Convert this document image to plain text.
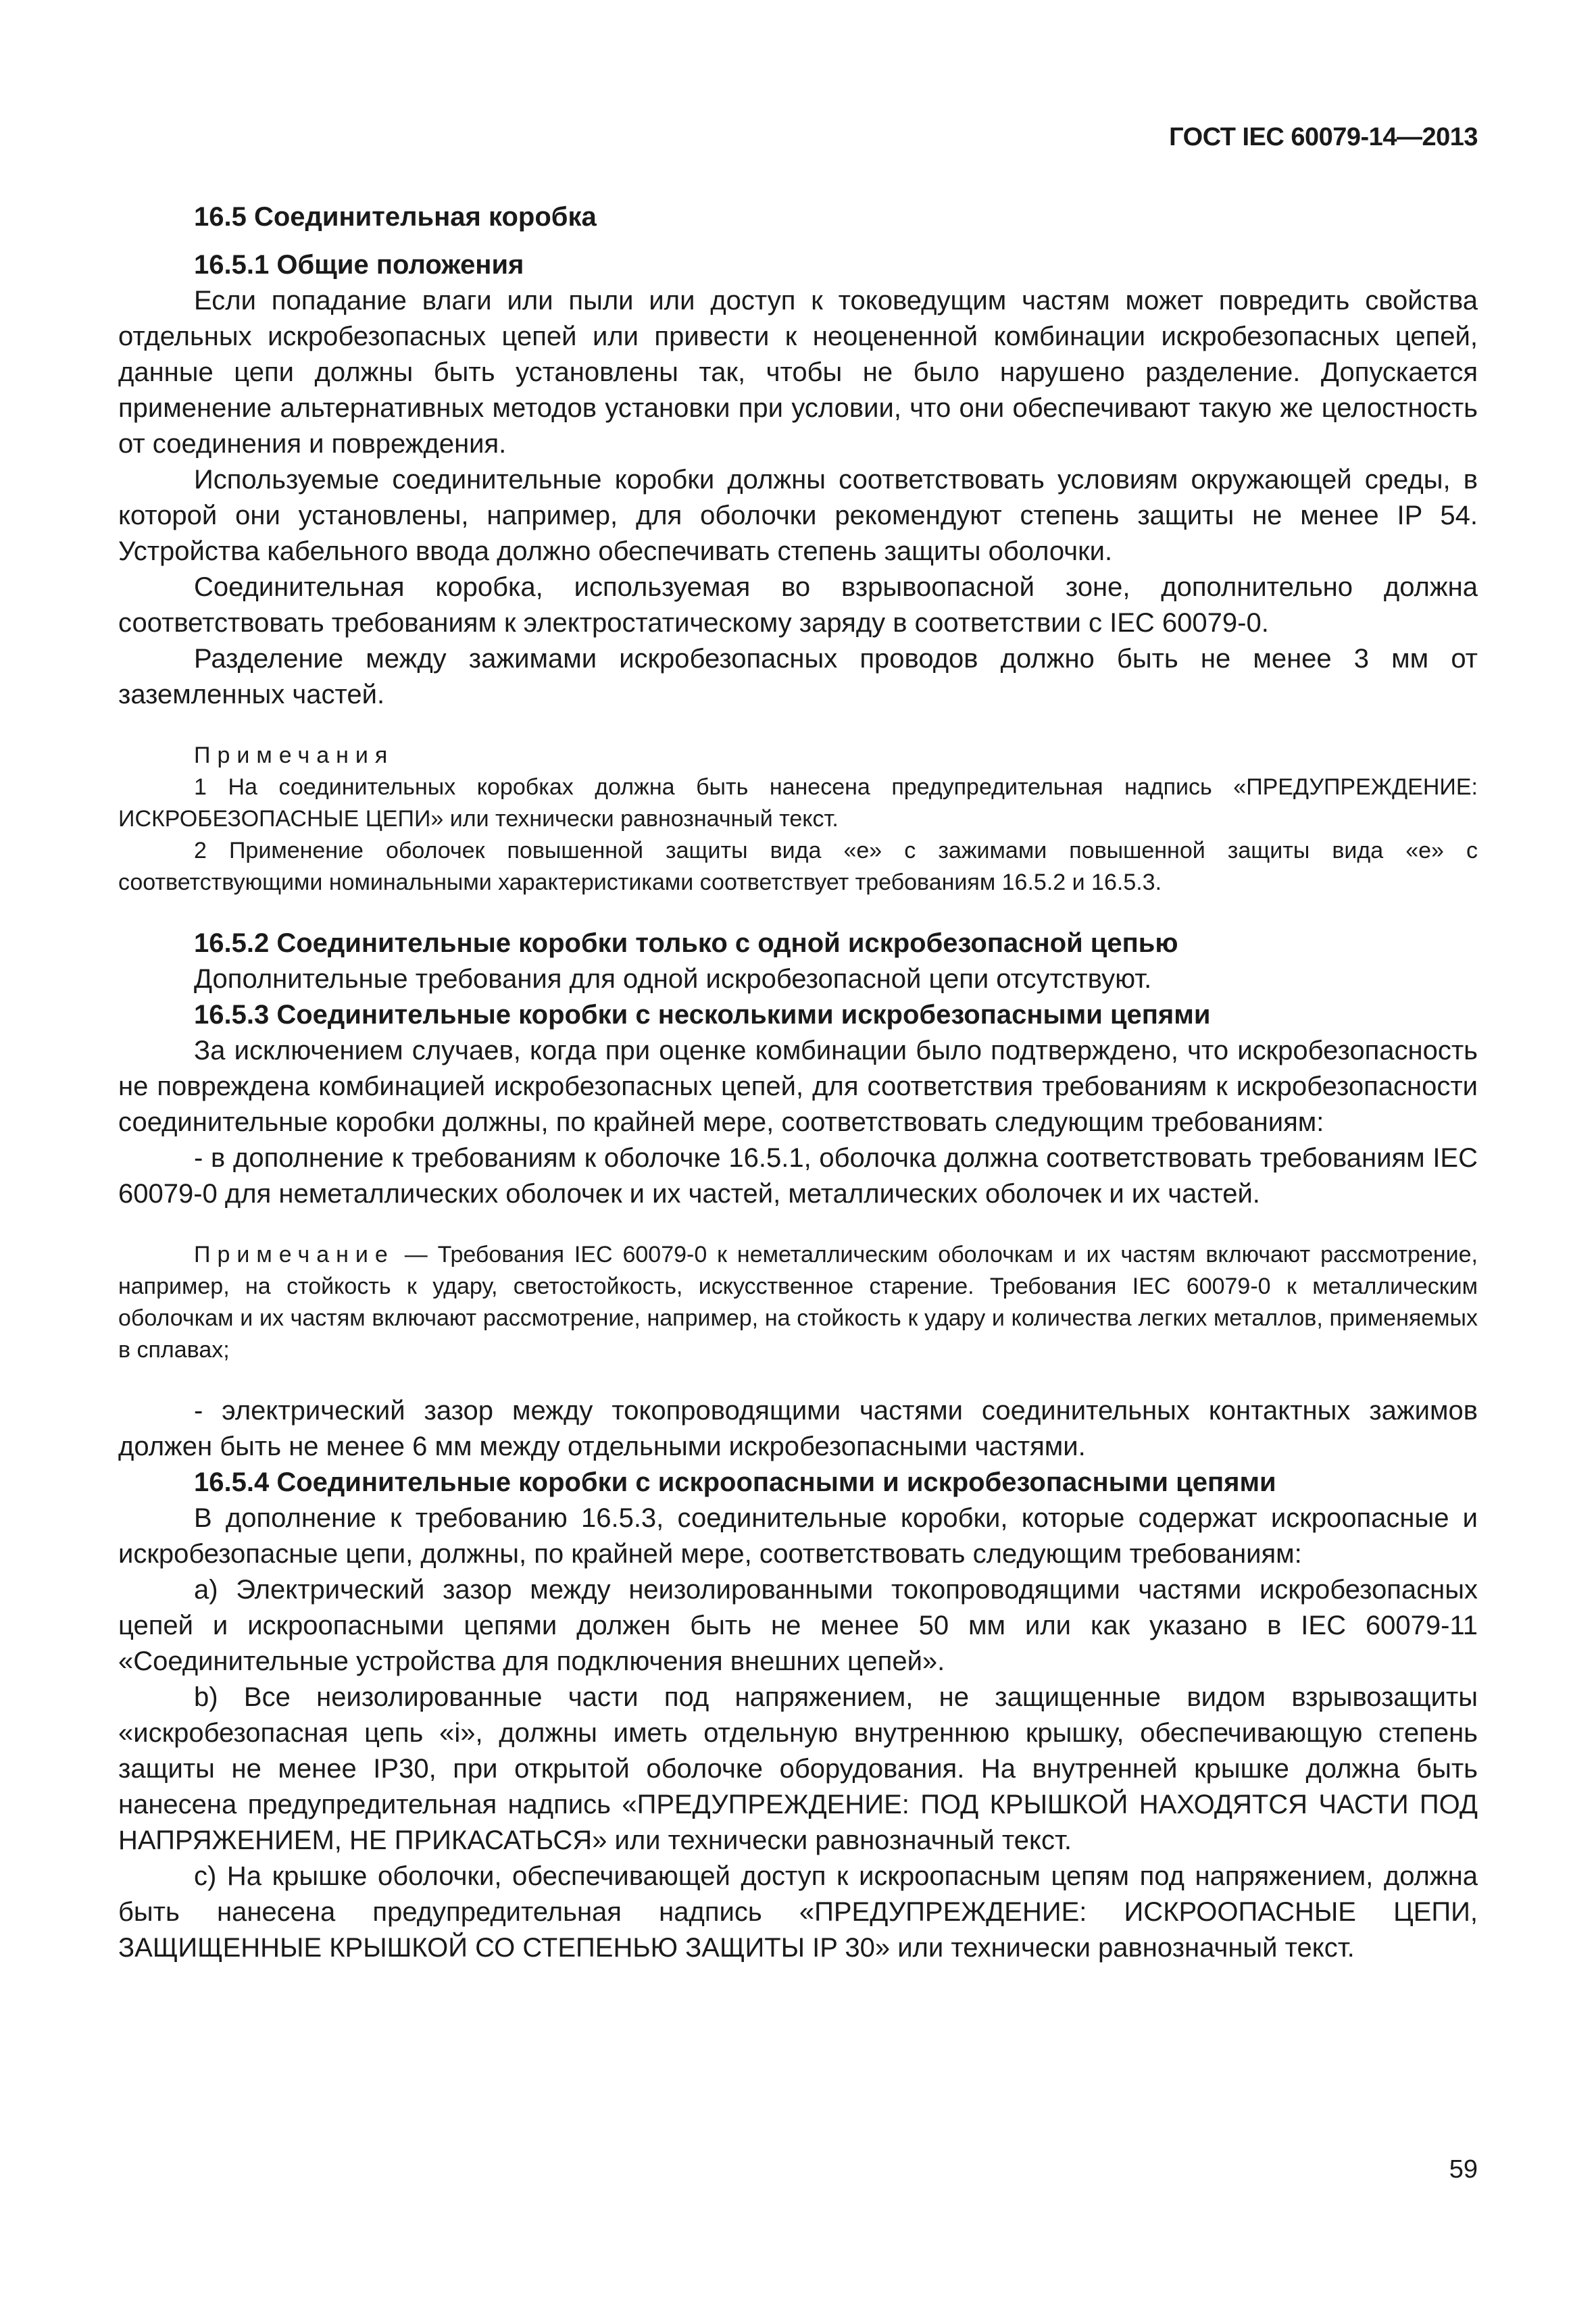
ГОСТ IEC 60079-14—2013

16.5 Соединительная коробка

16.5.1 Общие положения

Если попадание влаги или пыли или доступ к токоведущим частям может повредить свойства отдельных искробезопасных цепей или привести к неоцененной комбинации искробезопасных цепей, данные цепи должны быть установлены так, чтобы не было нарушено разделение. Допускается применение альтернативных методов установки при условии, что они обеспечивают такую же целостность от соединения и повреждения.

Используемые соединительные коробки должны соответствовать условиям окружающей среды, в которой они установлены, например, для оболочки рекомендуют степень защиты не менее IP 54. Устройства кабельного ввода должно обеспечивать степень защиты оболочки.

Соединительная коробка, используемая во взрывоопасной зоне, дополнительно должна соответствовать требованиям к электростатическому заряду в соответствии с IEC 60079-0.

Разделение между зажимами искробезопасных проводов должно быть не менее 3 мм от заземленных частей.

Примечания

1 На соединительных коробках должна быть нанесена предупредительная надпись «ПРЕДУПРЕЖДЕНИЕ: ИСКРОБЕЗОПАСНЫЕ ЦЕПИ» или технически равнозначный текст.

2 Применение оболочек повышенной защиты вида «е» с зажимами повышенной защиты вида «е» с соответствующими номинальными характеристиками соответствует требованиям 16.5.2 и 16.5.3.

16.5.2 Соединительные коробки только с одной искробезопасной цепью

Дополнительные требования для одной искробезопасной цепи отсутствуют.

16.5.3 Соединительные коробки с несколькими искробезопасными цепями

За исключением случаев, когда при оценке комбинации было подтверждено, что искробезопасность не повреждена комбинацией искробезопасных цепей, для соответствия требованиям к искробезопасности соединительные коробки должны, по крайней мере, соответствовать следующим требованиям:

- в дополнение к требованиям к оболочке 16.5.1, оболочка должна соответствовать требованиям IEC 60079-0 для неметаллических оболочек и их частей, металлических оболочек и их частей.

Примечание — Требования IEC 60079-0 к неметаллическим оболочкам и их частям включают рассмотрение, например, на стойкость к удару, светостойкость, искусственное старение. Требования IEC 60079-0 к металлическим оболочкам и их частям включают рассмотрение, например, на стойкость к удару и количества легких металлов, применяемых в сплавах;

- электрический зазор между токопроводящими частями соединительных контактных зажимов должен быть не менее 6 мм между отдельными искробезопасными частями.

16.5.4 Соединительные коробки с искроопасными и искробезопасными цепями

В дополнение к требованию 16.5.3, соединительные коробки, которые содержат искроопасные и искробезопасные цепи, должны, по крайней мере, соответствовать следующим требованиям:

a) Электрический зазор между неизолированными токопроводящими частями искробезопасных цепей и искроопасными цепями должен быть не менее 50 мм или как указано в IEC 60079-11 «Соединительные устройства для подключения внешних цепей».

b) Все неизолированные части под напряжением, не защищенные видом взрывозащиты «искробезопасная цепь «i», должны иметь отдельную внутреннюю крышку, обеспечивающую степень защиты не менее IP30, при открытой оболочке оборудования. На внутренней крышке должна быть нанесена предупредительная надпись «ПРЕДУПРЕЖДЕНИЕ: ПОД КРЫШКОЙ НАХОДЯТСЯ ЧАСТИ ПОД НАПРЯЖЕНИЕМ, НЕ ПРИКАСАТЬСЯ» или технически равнозначный текст.

c) На крышке оболочки, обеспечивающей доступ к искроопасным цепям под напряжением, должна быть нанесена предупредительная надпись «ПРЕДУПРЕЖДЕНИЕ: ИСКРООПАСНЫЕ ЦЕПИ, ЗАЩИЩЕННЫЕ КРЫШКОЙ СО СТЕПЕНЬЮ ЗАЩИТЫ IP 30» или технически равнозначный текст.

59
